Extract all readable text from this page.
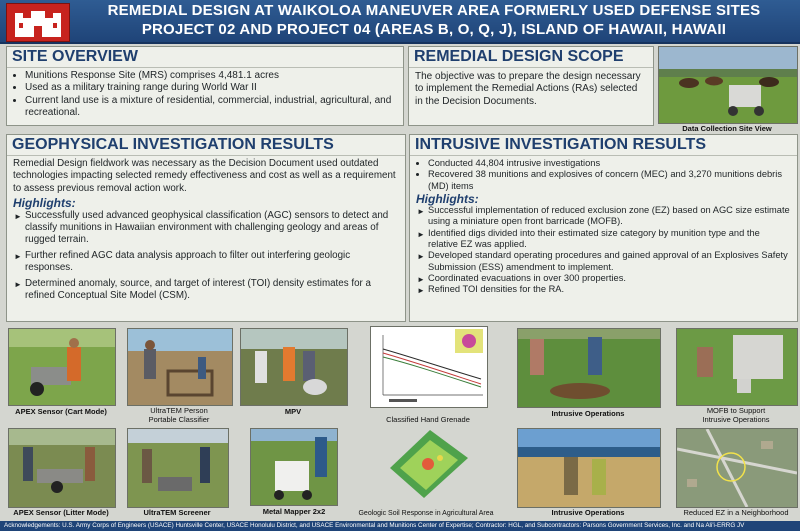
REMEDIAL DESIGN AT WAIKOLOA MANEUVER AREA FORMERLY USED DEFENSE SITES
PROJECT 02 AND PROJECT 04 (AREAS B, O, Q, J), ISLAND OF HAWAII, HAWAII
SITE OVERVIEW
• Munitions Response Site (MRS) comprises 4,481.1 acres
• Used as a military training range during World War II
• Current land use is a mixture of residential, commercial, industrial, agricultural, and recreational.
REMEDIAL DESIGN SCOPE
The objective was to prepare the design necessary to implement the Remedial Actions (RAs) selected in the Decision Documents.
Data Collection Site View
GEOPHYSICAL INVESTIGATION RESULTS
Remedial Design fieldwork was necessary as the Decision Document used outdated technologies impacting selected remedy effectiveness and cost as well as a requirement to assess previous removal action work.
Highlights:
► Successfully used advanced geophysical classification (AGC) sensors to detect and classify munitions in Hawaiian environment with challenging geology and areas of rugged terrain.
► Further refined AGC data analysis approach to filter out interfering geologic responses.
► Determined anomaly, source, and target of interest (TOI) density estimates for a refined Conceptual Site Model (CSM).
INTRUSIVE INVESTIGATION RESULTS
• Conducted 44,804 intrusive investigations
• Recovered 38 munitions and explosives of concern (MEC) and 3,270 munitions debris (MD) items
Highlights:
► Successful implementation of reduced exclusion zone (EZ) based on AGC size estimate using a miniature open front barricade (MOFB).
► Identified digs divided into their estimated size category by munition type and the relative EZ was applied.
► Developed standard operating procedures and gained approval of an Explosives Safety Submission (ESS) amendment to implement.
► Coordinated evacuations in over 300 properties.
► Refined TOI densities for the RA.
APEX Sensor (Cart Mode)	UltraTEM Person
Portable Classifier
MPV
Classified Hand Grenade
Intrusive Operations	MOFB to Support
Intrusive Operations
APEX Sensor (Litter Mode)	UltraTEM Screener	Metal Mapper 2x2	Geologic Soil Response in Agricultural Area	Intrusive Operations	Reduced EZ in a Neighborhood
Acknowledgements: U.S. Army Corps of Engineers (USACE) Huntsville Center, USACE Honolulu District, and USACE Environmental and Munitions Center of Expertise; Contractor: HGL, and Subcontractors: Parsons Government Services, Inc. and Na Ali'i-ERRG JV
